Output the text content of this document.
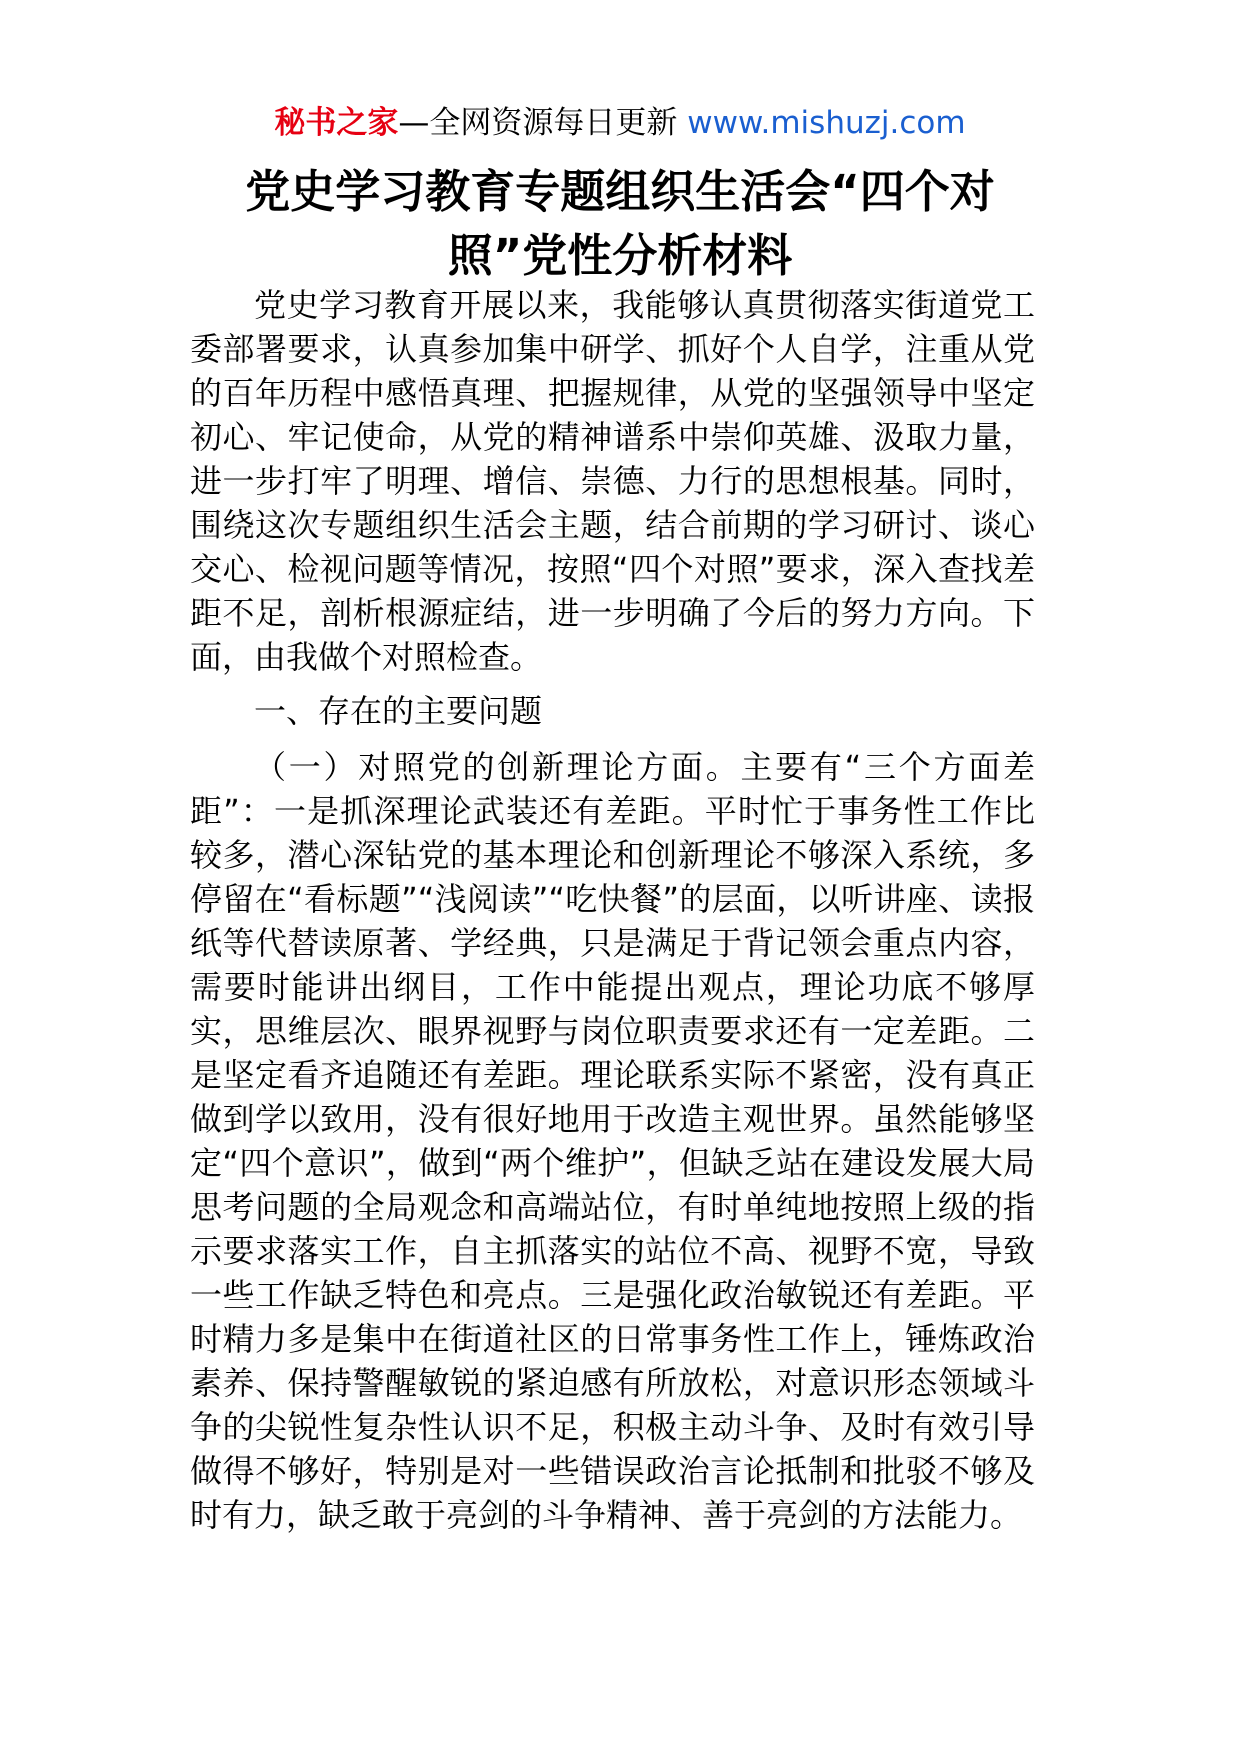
秘书之家—全网资源每日更新 www.mishuzj.com
党史学习教育专题组织生活会“四个对照”党性分析材料

党史学习教育开展以来，我能够认真贯彻落实街道党工委部署要求，认真参加集中研学、抓好个人自学，注重从党的百年历程中感悟真理、把握规律，从党的坚强领导中坚定初心、牢记使命，从党的精神谱系中崇仰英雄、汲取力量，进一步打牢了明理、增信、崇德、力行的思想根基。同时，围绕这次专题组织生活会主题，结合前期的学习研讨、谈心交心、检视问题等情况，按照“四个对照”要求，深入查找差距不足，剖析根源症结，进一步明确了今后的努力方向。下面，由我做个对照检查。

一、存在的主要问题

（一）对照党的创新理论方面。主要有“三个方面差距”：一是抓深理论武装还有差距。平时忙于事务性工作比较多，潜心深钻党的基本理论和创新理论不够深入系统，多停留在“看标题”“浅阅读”“吃快餐”的层面，以听讲座、读报纸等代替读原著、学经典，只是满足于背记领会重点内容，需要时能讲出纲目，工作中能提出观点，理论功底不够厚实，思维层次、眼界视野与岗位职责要求还有一定差距。二是坚定看齐追随还有差距。理论联系实际不紧密，没有真正做到学以致用，没有很好地用于改造主观世界。虽然能够坚定“四个意识”，做到“两个维护”，但缺乏站在建设发展大局思考问题的全局观念和高端站位，有时单纯地按照上级的指示要求落实工作，自主抓落实的站位不高、视野不宽，导致一些工作缺乏特色和亮点。三是强化政治敏锐还有差距。平时精力多是集中在街道社区的日常事务性工作上，锤炼政治素养、保持警醒敏锐的紧迫感有所放松，对意识形态领域斗争的尖锐性复杂性认识不足，积极主动斗争、及时有效引导做得不够好，特别是对一些错误政治言论抵制和批驳不够及时有力，缺乏敢于亮剑的斗争精神、善于亮剑的方法能力。
